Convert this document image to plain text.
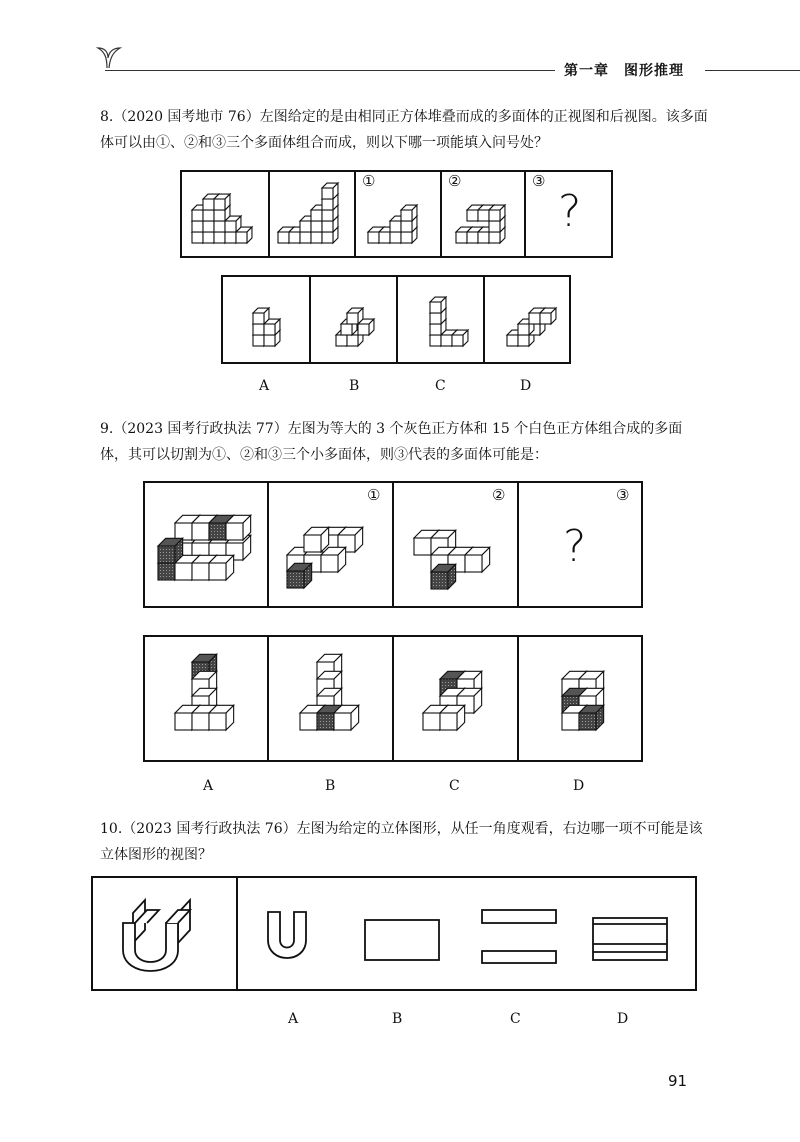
第一章　图形推理
8.（2020 国考地市 76）左图给定的是由相同正方体堆叠而成的多面体的正视图和后视图。该多面体可以由①、②和③三个多面体组合而成，则以下哪一项能填入问号处？
①	②	③
?
A	B	C	D
9.（2023 国考行政执法 77）左图为等大的 3 个灰色正方体和 15 个白色正方体组合成的多面体，其可以切割为①、②和③三个小多面体，则③代表的多面体可能是：
①	②	③
?
A	B	C	D
10.（2023 国考行政执法 76）左图为给定的立体图形，从任一角度观看，右边哪一项不可能是该立体图形的视图？
A	B	C	D
91
